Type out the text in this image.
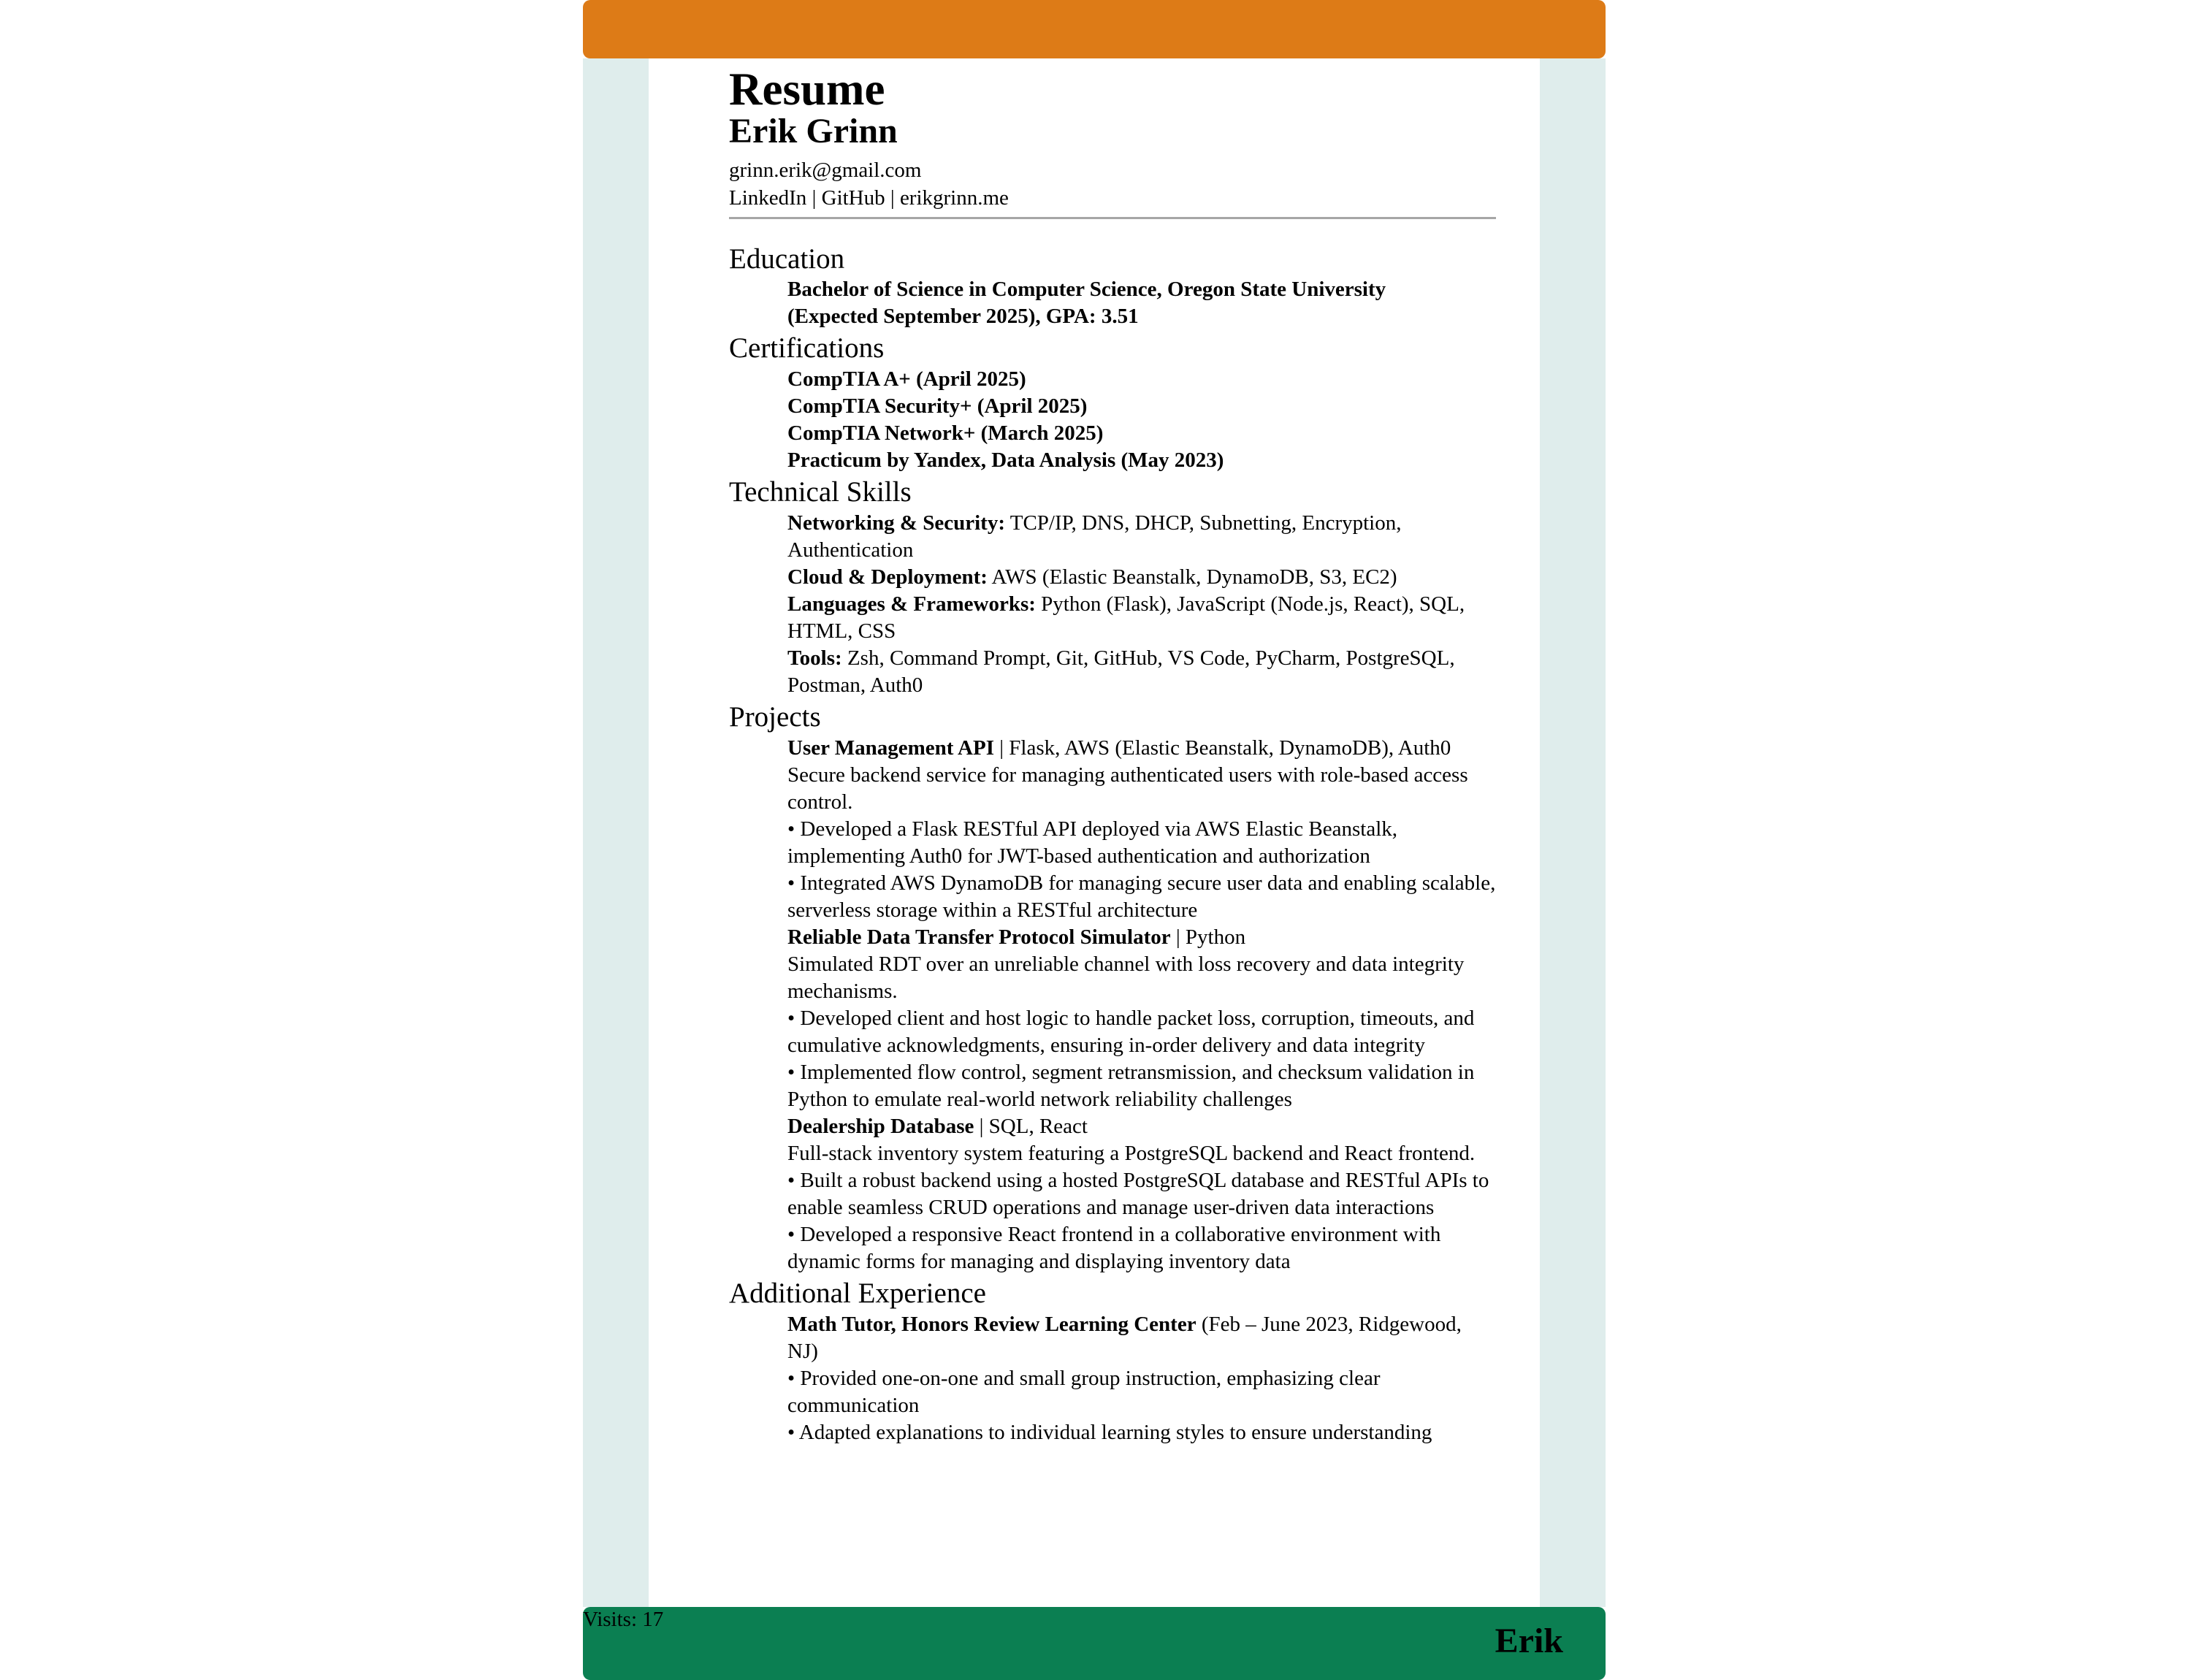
Resume
Erik Grinn
grinn.erik@gmail.com
LinkedIn | GitHub | erikgrinn.me
Education
Bachelor of Science in Computer Science, Oregon State University
(Expected September 2025), GPA: 3.51
Certifications
CompTIA A+ (April 2025)
CompTIA Security+ (April 2025)
CompTIA Network+ (March 2025)
Practicum by Yandex, Data Analysis (May 2023)
Technical Skills
Networking & Security: TCP/IP, DNS, DHCP, Subnetting, Encryption, Authentication
Cloud & Deployment: AWS (Elastic Beanstalk, DynamoDB, S3, EC2)
Languages & Frameworks: Python (Flask), JavaScript (Node.js, React), SQL, HTML, CSS
Tools: Zsh, Command Prompt, Git, GitHub, VS Code, PyCharm, PostgreSQL, Postman, Auth0
Projects
User Management API | Flask, AWS (Elastic Beanstalk, DynamoDB), Auth0
Secure backend service for managing authenticated users with role-based access control.
• Developed a Flask RESTful API deployed via AWS Elastic Beanstalk, implementing Auth0 for JWT-based authentication and authorization
• Integrated AWS DynamoDB for managing secure user data and enabling scalable, serverless storage within a RESTful architecture
Reliable Data Transfer Protocol Simulator | Python
Simulated RDT over an unreliable channel with loss recovery and data integrity mechanisms.
• Developed client and host logic to handle packet loss, corruption, timeouts, and cumulative acknowledgments, ensuring in-order delivery and data integrity
• Implemented flow control, segment retransmission, and checksum validation in Python to emulate real-world network reliability challenges
Dealership Database | SQL, React
Full-stack inventory system featuring a PostgreSQL backend and React frontend.
• Built a robust backend using a hosted PostgreSQL database and RESTful APIs to enable seamless CRUD operations and manage user-driven data interactions
• Developed a responsive React frontend in a collaborative environment with dynamic forms for managing and displaying inventory data
Additional Experience
Math Tutor, Honors Review Learning Center (Feb – June 2023, Ridgewood, NJ)
• Provided one-on-one and small group instruction, emphasizing clear communication
• Adapted explanations to individual learning styles to ensure understanding
Visits: 17
Erik
